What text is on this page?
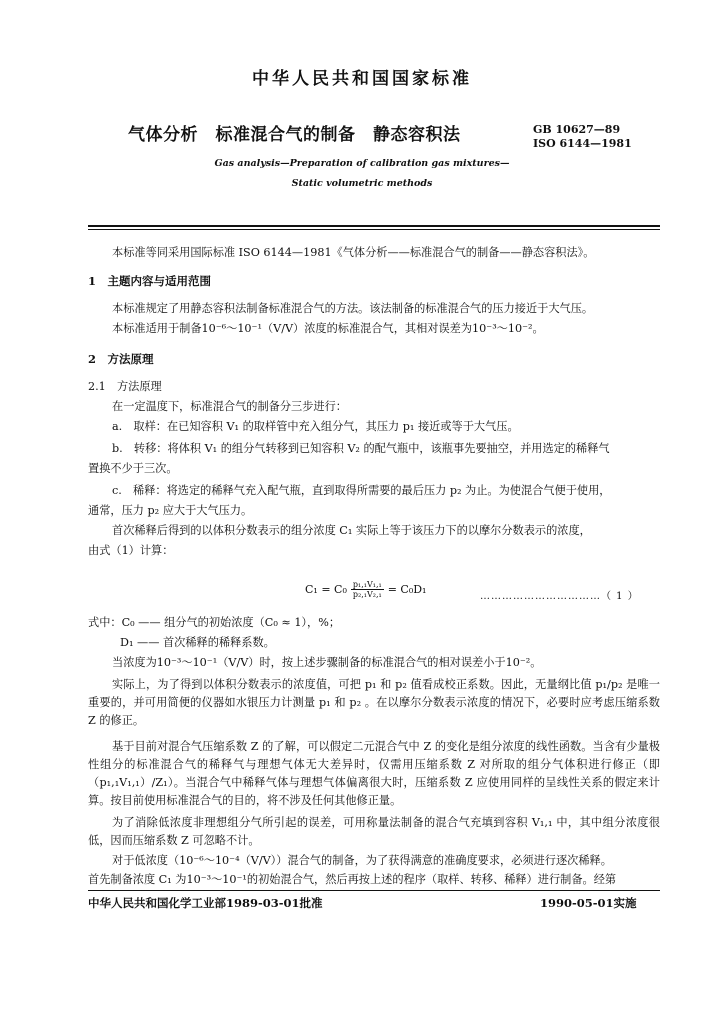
中华人民共和国国家标准
气体分析　标准混合气的制备　静态容积法	GB 10627—89
ISO 6144—1981
Gas analysis—Preparation of calibration gas mixtures—
Static volumetric methods
本标准等同采用国际标准 ISO 6144—1981《气体分析——标准混合气的制备——静态容积法》。
1　主题内容与适用范围
本标准规定了用静态容积法制备标准混合气的方法。该法制备的标准混合气的压力接近于大气压。
本标准适用于制备10⁻⁶～10⁻¹（V/V）浓度的标准混合气，其相对误差为10⁻³～10⁻²。
2　方法原理
2.1　方法原理
在一定温度下，标准混合气的制备分三步进行：
a.　取样：在已知容积 V₁ 的取样管中充入组分气，其压力 p₁ 接近或等于大气压。
b.　转移：将体积 V₁ 的组分气转移到已知容积 V₂ 的配气瓶中，该瓶事先要抽空，并用选定的稀释气
置换不少于三次。
c.　稀释：将选定的稀释气充入配气瓶，直到取得所需要的最后压力 p₂ 为止。为使混合气便于使用，
通常，压力 p₂ 应大于大气压力。
首次稀释后得到的以体积分数表示的组分浓度 C₁ 实际上等于该压力下的以摩尔分数表示的浓度，
由式（1）计算：
$C_1 = C_0 \frac{\text{p₁,₁V₁,₁}}{\text{p₂,₁V₂,₁}} = C_0D_1$
……………………………（ 1 ）
式中：C₀ —— 组分气的初始浓度（C₀ ≈ 1），%；
D₁ —— 首次稀释的稀释系数。
当浓度为10⁻³～10⁻¹（V/V）时，按上述步骤制备的标准混合气的相对误差小于10⁻²。
实际上，为了得到以体积分数表示的浓度值，可把 p₁ 和 p₂ 值看成校正系数。因此，无量纲比值 p₁/p₂ 是唯一重要的，并可用简便的仪器如水银压力计测量 p₁ 和 p₂ 。在以摩尔分数表示浓度的情况下，必要时应考虑压缩系数 Z 的修正。
基于目前对混合气压缩系数 Z 的了解，可以假定二元混合气中 Z 的变化是组分浓度的线性函数。当含有少量极性组分的标准混合气的稀释气与理想气体无大差异时，仅需用压缩系数 Z 对所取的组分气体积进行修正（即（p₁,₁V₁,₁）/Z₁）。当混合气中稀释气体与理想气体偏离很大时，压缩系数 Z 应使用同样的呈线性关系的假定来计算。按目前使用标准混合气的目的，将不涉及任何其他修正量。
为了消除低浓度非理想组分气所引起的误差，可用称量法制备的混合气充填到容积 V₁,₁ 中，其中组分浓度很低，因而压缩系数 Z 可忽略不计。
对于低浓度（10⁻⁶～10⁻⁴（V/V））混合气的制备，为了获得满意的准确度要求，必须进行逐次稀释。
首先制备浓度 C₁ 为10⁻³～10⁻¹的初始混合气，然后再按上述的程序（取样、转移、稀释）进行制备。经第
中华人民共和国化学工业部1989-03-01批准	1990-05-01实施
